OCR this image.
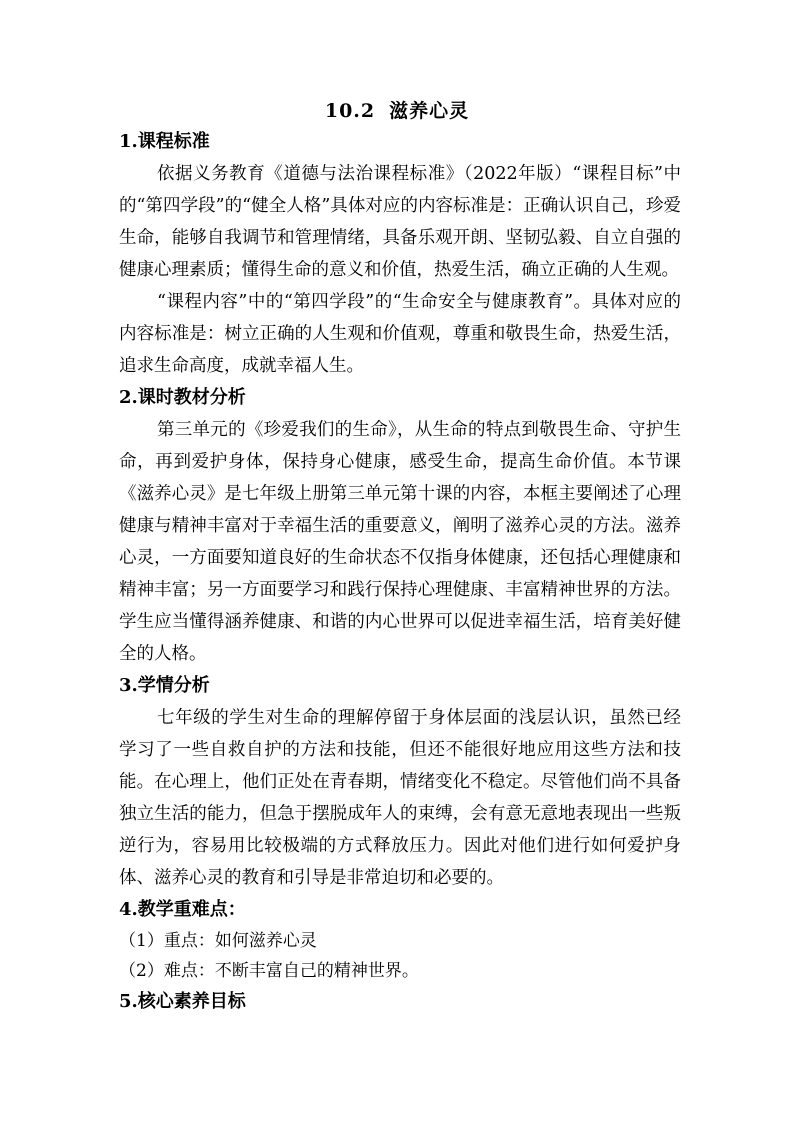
10.2 滋养心灵
1.课程标准

依据义务教育《道德与法治课程标准》（2022年版）“课程目标”中的“第四学段”的“健全人格”具体对应的内容标准是：正确认识自己，珍爱生命，能够自我调节和管理情绪，具备乐观开朗、坚韧弘毅、自立自强的健康心理素质；懂得生命的意义和价值，热爱生活，确立正确的人生观。

“课程内容”中的“第四学段”的“生命安全与健康教育”。具体对应的内容标准是：树立正确的人生观和价值观，尊重和敬畏生命，热爱生活，追求生命高度，成就幸福人生。

2.课时教材分析

第三单元的《珍爱我们的生命》，从生命的特点到敬畏生命、守护生命，再到爱护身体，保持身心健康，感受生命，提高生命价值。本节课《滋养心灵》是七年级上册第三单元第十课的内容，本框主要阐述了心理健康与精神丰富对于幸福生活的重要意义，阐明了滋养心灵的方法。滋养心灵，一方面要知道良好的生命状态不仅指身体健康，还包括心理健康和精神丰富；另一方面要学习和践行保持心理健康、丰富精神世界的方法。学生应当懂得涵养健康、和谐的内心世界可以促进幸福生活，培育美好健全的人格。

3.学情分析

七年级的学生对生命的理解停留于身体层面的浅层认识，虽然已经学习了一些自救自护的方法和技能，但还不能很好地应用这些方法和技能。在心理上，他们正处在青春期，情绪变化不稳定。尽管他们尚不具备独立生活的能力，但急于摆脱成年人的束缚，会有意无意地表现出一些叛逆行为，容易用比较极端的方式释放压力。因此对他们进行如何爱护身体、滋养心灵的教育和引导是非常迫切和必要的。

4.教学重难点：

（1）重点：如何滋养心灵

（2）难点：不断丰富自己的精神世界。

5.核心素养目标
